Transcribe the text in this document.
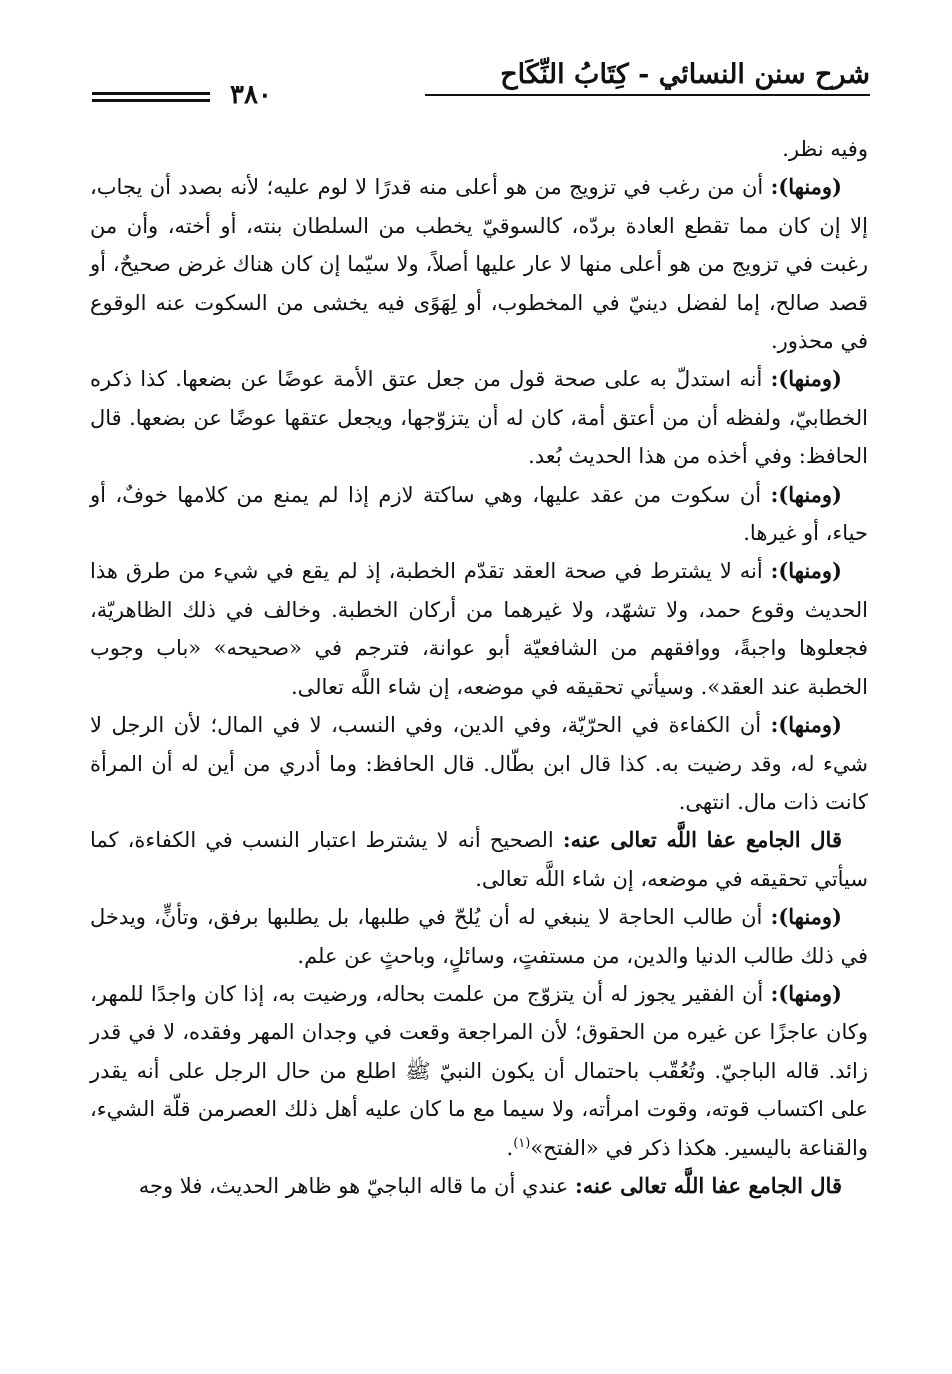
شرح سنن النسائي - كِتَابُ النِّكَاح
٣٨٠

وفيه نظر.

(ومنها): أن من رغب في تزويج من هو أعلى منه قدرًا لا لوم عليه؛ لأنه بصدد أن يجاب، إلا إن كان مما تقطع العادة بردّه، كالسوقيّ يخطب من السلطان بنته، أو أخته، وأن من رغبت في تزويج من هو أعلى منها لا عار عليها أصلاً، ولا سيّما إن كان هناك غرض صحيحٌ، أو قصد صالح، إما لفضل دينيّ في المخطوب، أو لِهَوًى فيه يخشى من السكوت عنه الوقوع في محذور.

(ومنها): أنه استدلّ به على صحة قول من جعل عتق الأمة عوضًا عن بضعها. كذا ذكره الخطابيّ، ولفظه أن من أعتق أمة، كان له أن يتزوّجها، ويجعل عتقها عوضًا عن بضعها. قال الحافظ: وفي أخذه من هذا الحديث بُعد.

(ومنها): أن سكوت من عقد عليها، وهي ساكتة لازم إذا لم يمنع من كلامها خوفٌ، أو حياء، أو غيرها.

(ومنها): أنه لا يشترط في صحة العقد تقدّم الخطبة، إذ لم يقع في شيء من طرق هذا الحديث وقوع حمد، ولا تشهّد، ولا غيرهما من أركان الخطبة. وخالف في ذلك الظاهريّة، فجعلوها واجبةً، ووافقهم من الشافعيّة أبو عوانة، فترجم في «صحيحه» «باب وجوب الخطبة عند العقد». وسيأتي تحقيقه في موضعه، إن شاء اللَّه تعالى.

(ومنها): أن الكفاءة في الحرّيّة، وفي الدين، وفي النسب، لا في المال؛ لأن الرجل لا شيء له، وقد رضيت به. كذا قال ابن بطّال. قال الحافظ: وما أدري من أين له أن المرأة كانت ذات مال. انتهى.

قال الجامع عفا اللَّه تعالى عنه: الصحيح أنه لا يشترط اعتبار النسب في الكفاءة، كما سيأتي تحقيقه في موضعه، إن شاء اللَّه تعالى.

(ومنها): أن طالب الحاجة لا ينبغي له أن يُلحّ في طلبها، بل يطلبها برفق، وتأنٍّ، ويدخل في ذلك طالب الدنيا والدين، من مستفتٍ، وسائلٍ، وباحثٍ عن علم.

(ومنها): أن الفقير يجوز له أن يتزوّج من علمت بحاله، ورضيت به، إذا كان واجدًا للمهر، وكان عاجزًا عن غيره من الحقوق؛ لأن المراجعة وقعت في وجدان المهر وفقده، لا في قدر زائد. قاله الباجيّ. وتُعُقّب باحتمال أن يكون النبيّ ﷺ اطلع من حال الرجل على أنه يقدر على اكتساب قوته، وقوت امرأته، ولا سيما مع ما كان عليه أهل ذلك العصرمن قلّة الشيء، والقناعة باليسير. هكذا ذكر في «الفتح»$^{(١)}$.

قال الجامع عفا اللَّه تعالى عنه: عندي أن ما قاله الباجيّ هو ظاهر الحديث، فلا وجه
